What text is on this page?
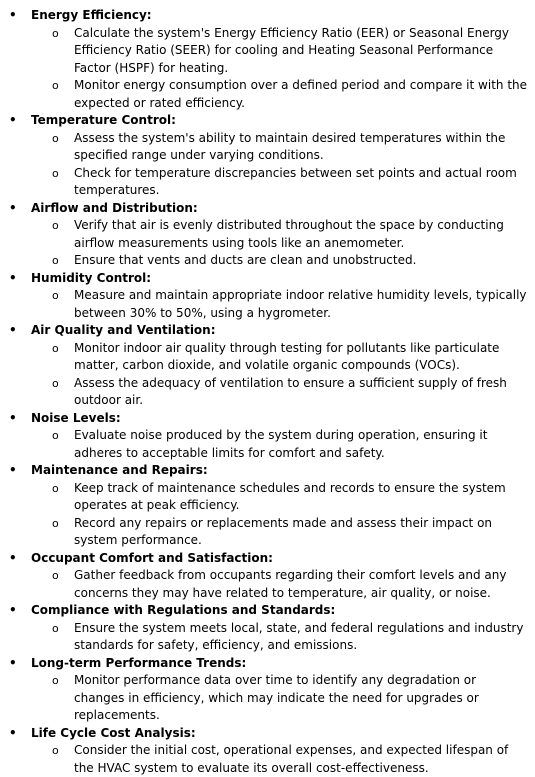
• Energy Efficiency:
o Calculate the system's Energy Efficiency Ratio (EER) or Seasonal Energy Efficiency Ratio (SEER) for cooling and Heating Seasonal Performance Factor (HSPF) for heating.
o Monitor energy consumption over a defined period and compare it with the expected or rated efficiency.
• Temperature Control:
o Assess the system's ability to maintain desired temperatures within the specified range under varying conditions.
o Check for temperature discrepancies between set points and actual room temperatures.
• Airflow and Distribution:
o Verify that air is evenly distributed throughout the space by conducting airflow measurements using tools like an anemometer.
o Ensure that vents and ducts are clean and unobstructed.
• Humidity Control:
o Measure and maintain appropriate indoor relative humidity levels, typically between 30% to 50%, using a hygrometer.
• Air Quality and Ventilation:
o Monitor indoor air quality through testing for pollutants like particulate matter, carbon dioxide, and volatile organic compounds (VOCs).
o Assess the adequacy of ventilation to ensure a sufficient supply of fresh outdoor air.
• Noise Levels:
o Evaluate noise produced by the system during operation, ensuring it adheres to acceptable limits for comfort and safety.
• Maintenance and Repairs:
o Keep track of maintenance schedules and records to ensure the system operates at peak efficiency.
o Record any repairs or replacements made and assess their impact on system performance.
• Occupant Comfort and Satisfaction:
o Gather feedback from occupants regarding their comfort levels and any concerns they may have related to temperature, air quality, or noise.
• Compliance with Regulations and Standards:
o Ensure the system meets local, state, and federal regulations and industry standards for safety, efficiency, and emissions.
• Long-term Performance Trends:
o Monitor performance data over time to identify any degradation or changes in efficiency, which may indicate the need for upgrades or replacements.
• Life Cycle Cost Analysis:
o Consider the initial cost, operational expenses, and expected lifespan of the HVAC system to evaluate its overall cost-effectiveness.
